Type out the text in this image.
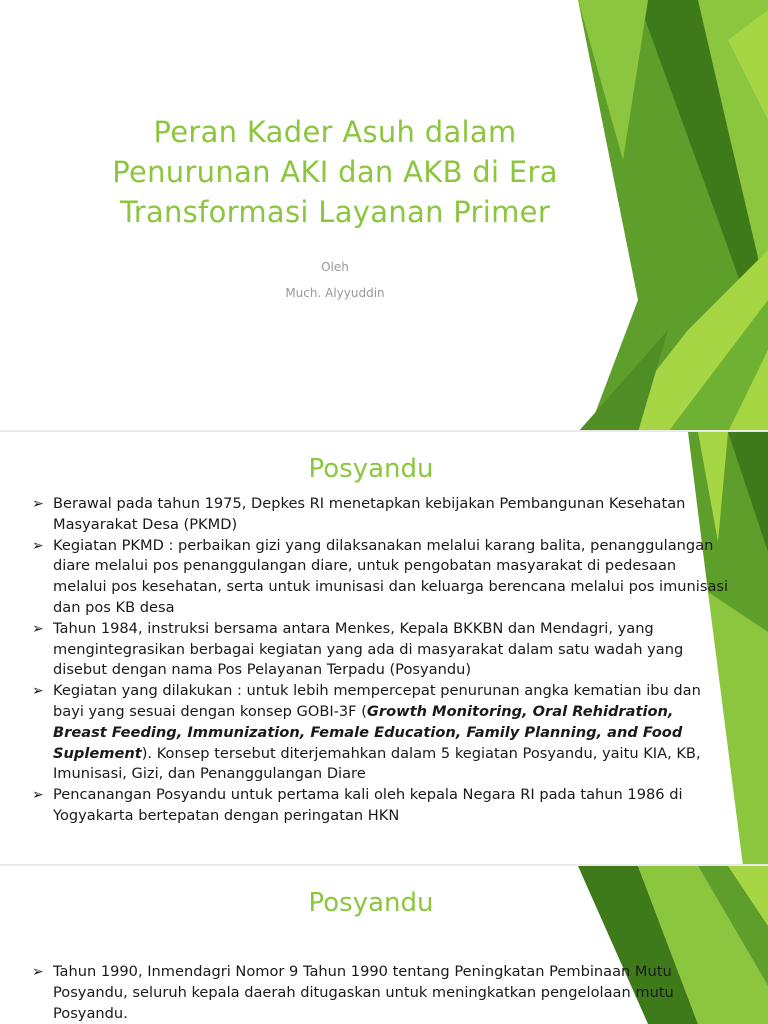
Peran Kader Asuh dalam
Penurunan AKI dan AKB di Era
Transformasi Layanan Primer
Oleh
Much. Alyyuddin
Posyandu
➢ Berawal pada tahun 1975, Depkes RI menetapkan kebijakan Pembangunan Kesehatan Masyarakat Desa (PKMD)
➢ Kegiatan PKMD : perbaikan gizi yang dilaksanakan melalui karang balita, penanggulangan diare melalui pos penanggulangan diare, untuk pengobatan masyarakat di pedesaan melalui pos kesehatan, serta untuk imunisasi dan keluarga berencana melalui pos imunisasi dan pos KB desa
➢ Tahun 1984, instruksi bersama antara Menkes, Kepala BKKBN dan Mendagri, yang mengintegrasikan berbagai kegiatan yang ada di masyarakat dalam satu wadah yang disebut dengan nama Pos Pelayanan Terpadu (Posyandu)
➢ Kegiatan yang dilakukan : untuk lebih mempercepat penurunan angka kematian ibu dan bayi yang sesuai dengan konsep GOBI-3F (Growth Monitoring, Oral Rehidration, Breast Feeding, Immunization, Female Education, Family Planning, and Food Suplement). Konsep tersebut diterjemahkan dalam 5 kegiatan Posyandu, yaitu KIA, KB, Imunisasi, Gizi, dan Penanggulangan Diare
➢ Pencanangan Posyandu untuk pertama kali oleh kepala Negara RI pada tahun 1986 di Yogyakarta bertepatan dengan peringatan HKN
Posyandu
➢ Tahun 1990, Inmendagri Nomor 9 Tahun 1990 tentang Peningkatan Pembinaan Mutu Posyandu, seluruh kepala daerah ditugaskan untuk meningkatkan pengelolaan mutu Posyandu.
